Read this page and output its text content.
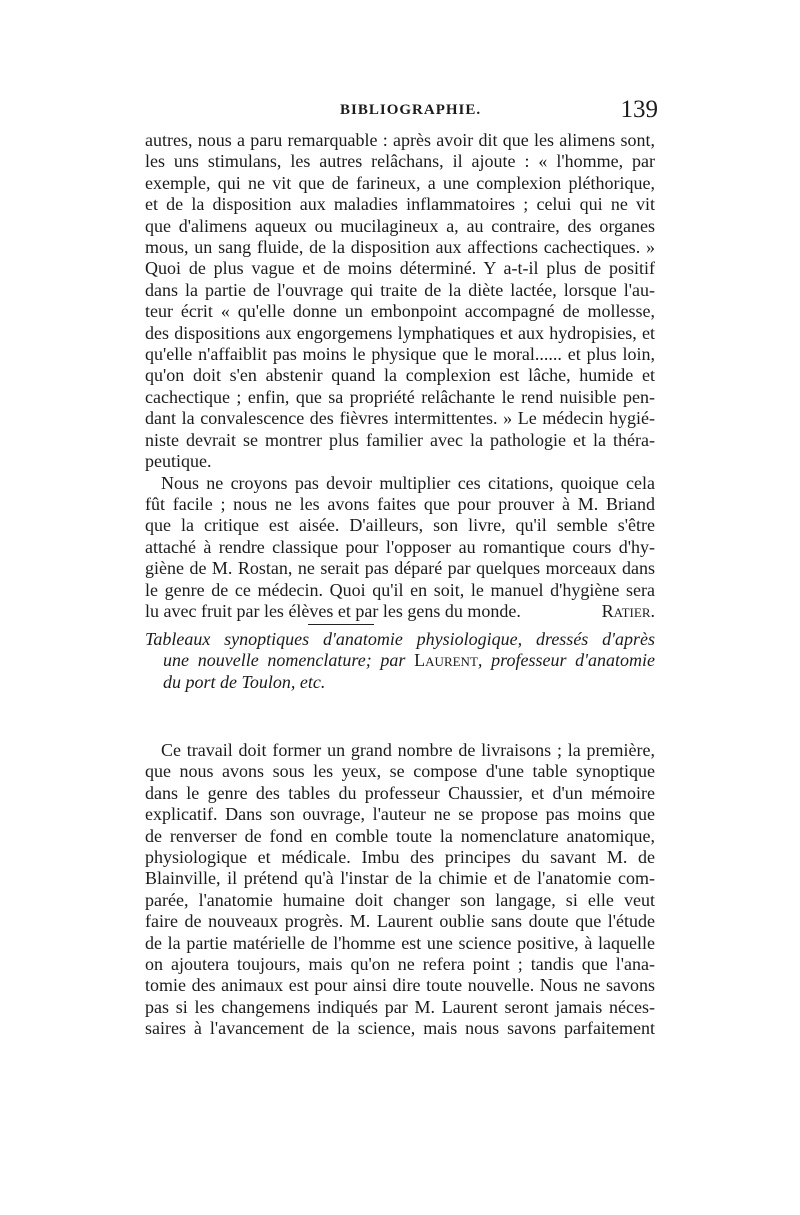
BIBLIOGRAPHIE.	139
autres, nous a paru remarquable : après avoir dit que les alimens sont,
les uns stimulans, les autres relâchans, il ajoute : « l'homme, par
exemple, qui ne vit que de farineux, a une complexion pléthorique,
et de la disposition aux maladies inflammatoires ; celui qui ne vit
que d'alimens aqueux ou mucilagineux a, au contraire, des organes
mous, un sang fluide, de la disposition aux affections cachectiques. »
Quoi de plus vague et de moins déterminé. Y a-t-il plus de positif
dans la partie de l'ouvrage qui traite de la diète lactée, lorsque l'au-
teur écrit « qu'elle donne un embonpoint accompagné de mollesse,
des dispositions aux engorgemens lymphatiques et aux hydropisies, et
qu'elle n'affaiblit pas moins le physique que le moral...... et plus loin,
qu'on doit s'en abstenir quand la complexion est lâche, humide et
cachectique ; enfin, que sa propriété relâchante le rend nuisible pen-
dant la convalescence des fièvres intermittentes. » Le médecin hygié-
niste devrait se montrer plus familier avec la pathologie et la théra-
peutique.
Nous ne croyons pas devoir multiplier ces citations, quoique cela
fût facile ; nous ne les avons faites que pour prouver à M. Briand
que la critique est aisée. D'ailleurs, son livre, qu'il semble s'être
attaché à rendre classique pour l'opposer au romantique cours d'hy-
giène de M. Rostan, ne serait pas déparé par quelques morceaux dans
le genre de ce médecin. Quoi qu'il en soit, le manuel d'hygiène sera
lu avec fruit par les élèves et par les gens du monde.	Ratier.
Tableaux synoptiques d'anatomie physiologique, dressés d'après
une nouvelle nomenclature; par Laurent, professeur d'anatomie
du port de Toulon, etc.
Ce travail doit former un grand nombre de livraisons ; la première,
que nous avons sous les yeux, se compose d'une table synoptique
dans le genre des tables du professeur Chaussier, et d'un mémoire
explicatif. Dans son ouvrage, l'auteur ne se propose pas moins que
de renverser de fond en comble toute la nomenclature anatomique,
physiologique et médicale. Imbu des principes du savant M. de
Blainville, il prétend qu'à l'instar de la chimie et de l'anatomie com-
parée, l'anatomie humaine doit changer son langage, si elle veut
faire de nouveaux progrès. M. Laurent oublie sans doute que l'étude
de la partie matérielle de l'homme est une science positive, à laquelle
on ajoutera toujours, mais qu'on ne refera point ; tandis que l'ana-
tomie des animaux est pour ainsi dire toute nouvelle. Nous ne savons
pas si les changemens indiqués par M. Laurent seront jamais néces-
saires à l'avancement de la science, mais nous savons parfaitement
